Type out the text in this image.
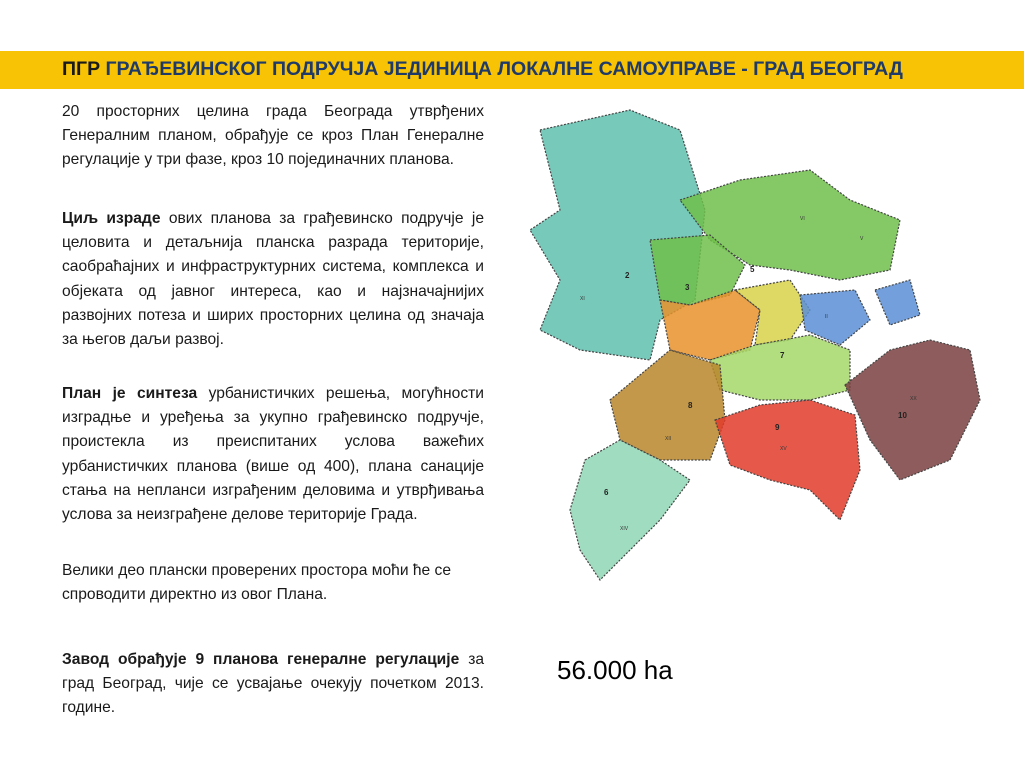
ПГР ГРАЂЕВИНСКОГ ПОДРУЧЈА ЈЕДИНИЦА ЛОКАЛНЕ САМОУПРАВЕ - ГРАД БЕОГРАД
20 просторних целина града Београда утврђених Генералним планом, обрађује се кроз План Генералне регулације у три фазе, кроз 10 појединачних планова.
Циљ израде ових планова за грађевинско подручје је целовита и детаљнија планска разрада територије, саобраћајних и инфраструктурних система, комплекса и објеката од јавног интереса, као и најзначајнијих развојних потеза и ширих просторних целина од значаја за његов даљи развој.
План је синтеза урбанистичких решења, могућности изградње и уређења за укупно грађевинско подручје, проистекла из преиспитаних услова важећих урбанистичких планова (више од 400), плана санације стања на непланси изграђеним деловима и утврђивања услова за неизграђене делове територије Града.
Велики део плански проверених простора моћи ће се спроводити директно из овог Плана.
Завод обрађује 9 планова генералне регулације за град Београд, чије се усвајање очекују почетком 2013. године.
56.000 ha
2
3
5
7
8
9
10
6
VI
V
XI
II
XX
XV
XII
XIV
